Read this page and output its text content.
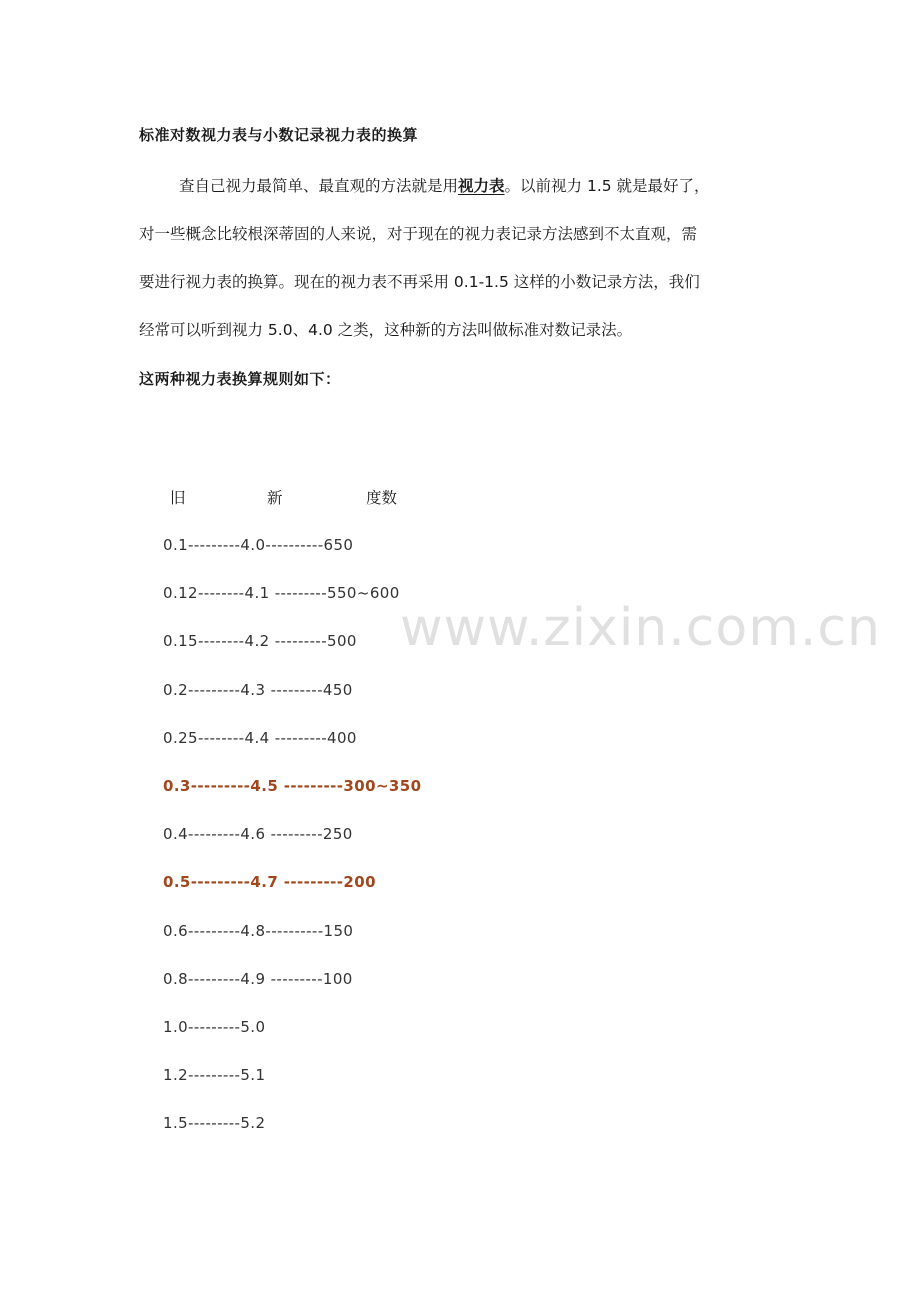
标准对数视力表与小数记录视力表的换算
查自己视力最简单、最直观的方法就是用视力表。以前视力 1.5 就是最好了，
对一些概念比较根深蒂固的人来说，对于现在的视力表记录方法感到不太直观，需
要进行视力表的换算。现在的视力表不再采用 0.1-1.5 这样的小数记录方法，我们
经常可以听到视力 5.0、4.0 之类，这种新的方法叫做标准对数记录法。
这两种视力表换算规则如下：
旧	新	度数
0.1---------4.0----------650
0.12--------4.1 ---------550~600
0.15--------4.2 ---------500
0.2---------4.3 ---------450
0.25--------4.4 ---------400
0.3---------4.5 ---------300~350
0.4---------4.6 ---------250
0.5---------4.7 ---------200
0.6---------4.8----------150
0.8---------4.9 ---------100
1.0---------5.0
1.2---------5.1
1.5---------5.2
www.zixin.com.cn
